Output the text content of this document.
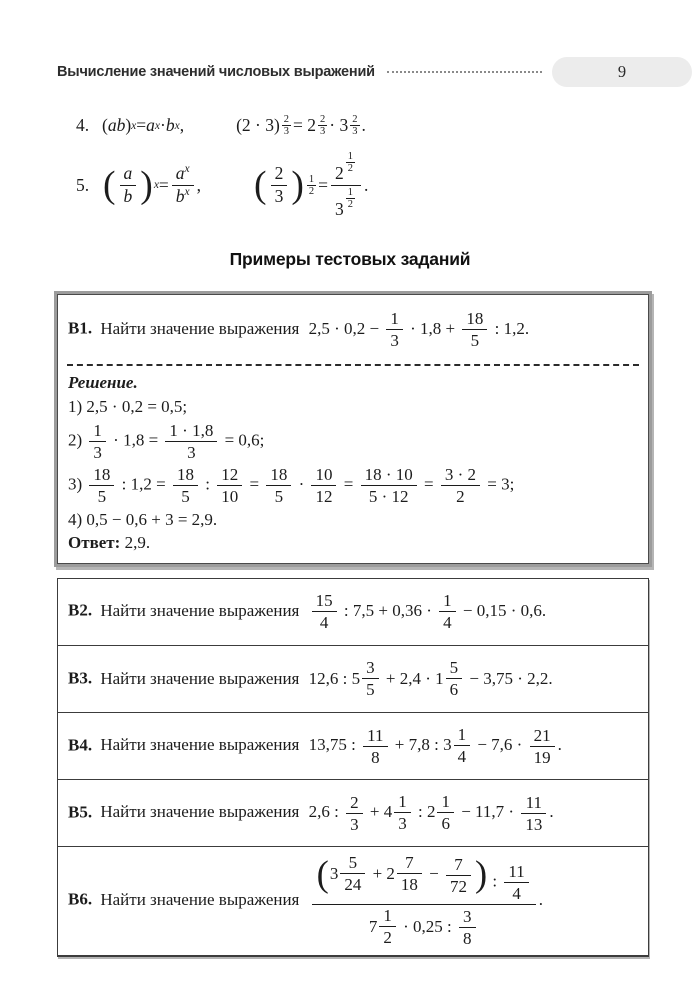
Вычисление значений числовых выражений	9
4. ( ab ) x = a x · b x ,	$(2 \cdot 3) \frac{2}{3} = 2 \frac{2}{3} \cdot 3 \frac{2}{3}$ .
5. ( $\frac{a}{b}$ ) $x = \frac{a^x}{b^x}$ , ( $\frac{2}{3}$ ) $\frac{1}{2} = \frac{2 \frac{1}{2}}{3 \frac{1}{2}}$ .
Примеры тестовых заданий
В1. Найти значение выражения $2,5 \cdot 0,2 - \frac{1}{3} \cdot 1,8 + \frac{18}{5}$ : 1,2.
Решение.
1) 2,5 · 0,2 = 0,5;
$2) \frac{1}{3} \cdot 1,8 = \frac{1 \cdot 1,8}{3} = 0,6$;
$3) \frac{18}{5}$ : $1,2 = \frac{18}{5}$ : $\frac{12}{10} = \frac{18}{5} \cdot \frac{10}{12} = \frac{18 \cdot 10}{5 \cdot 12} = \frac{3 \cdot 2}{2} = 3$;
4) 0,5 − 0,6 + 3 = 2,9.
Ответ: 2,9.
В2. Найти значение выражения $\frac{15}{4}$ : $7,5 + 0,36 \cdot \frac{1}{4} - 0,15 \cdot 0,6$.
В3. Найти значение выражения 12,6 : $5 \frac{3}{5} + 2,4 \cdot 1 \frac{5}{6} - 3,75 \cdot 2,2$.
В4. Найти значение выражения 13,75 : $\frac{11}{8} + 7,8$ : $3 \frac{1}{4} - 7,6 \cdot \frac{21}{19}$ .
В5. Найти значение выражения 2,6 : $\frac{2}{3} + 4 \frac{1}{3}$ : $2 \frac{1}{6} - 11,7 \cdot \frac{11}{13}$ .
В6. Найти значение выражения $\frac{( 3 \frac{5}{24} + 2 \frac{7}{18} - \frac{7}{72} ) : \frac{11}{4}}{7 \frac{1}{2} \cdot 0,25 : \frac{3}{8}}$ .
